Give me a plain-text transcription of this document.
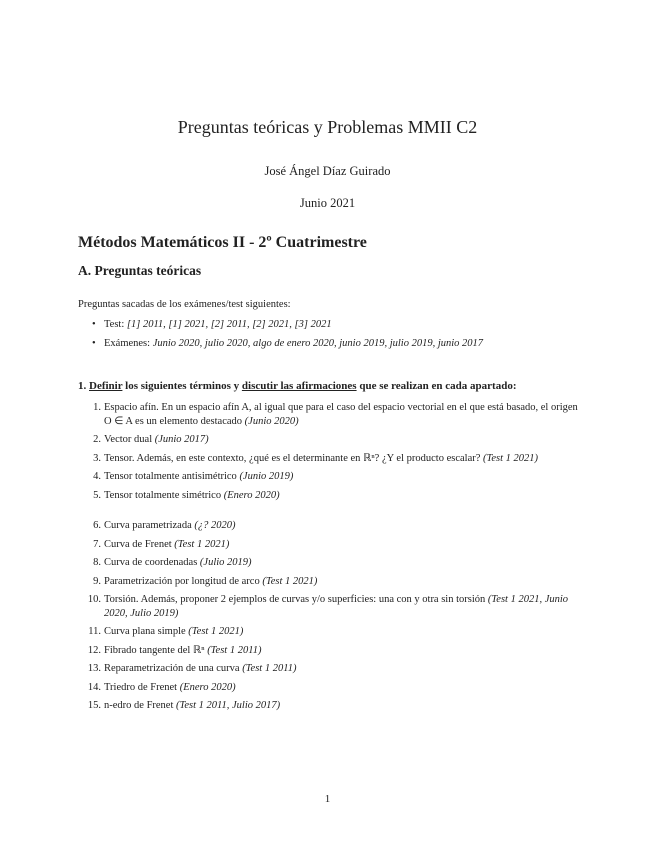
Preguntas teóricas y Problemas MMII C2
José Ángel Díaz Guirado
Junio 2021
Métodos Matemáticos II - 2º Cuatrimestre
A. Preguntas teóricas
Preguntas sacadas de los exámenes/test siguientes:
• Test: [1] 2011, [1] 2021, [2] 2011, [2] 2021, [3] 2021
• Exámenes: Junio 2020, julio 2020, algo de enero 2020, junio 2019, julio 2019, junio 2017
1. Definir los siguientes términos y discutir las afirmaciones que se realizan en cada apartado:
1. Espacio afín. En un espacio afín A, al igual que para el caso del espacio vectorial en el que está basado, el origen O ∈ A es un elemento destacado (Junio 2020)
2. Vector dual (Junio 2017)
3. Tensor. Además, en este contexto, ¿qué es el determinante en ℝⁿ? ¿Y el producto escalar? (Test 1 2021)
4. Tensor totalmente antisimétrico (Junio 2019)
5. Tensor totalmente simétrico (Enero 2020)
6. Curva parametrizada (¿? 2020)
7. Curva de Frenet (Test 1 2021)
8. Curva de coordenadas (Julio 2019)
9. Parametrización por longitud de arco (Test 1 2021)
10. Torsión. Además, proponer 2 ejemplos de curvas y/o superficies: una con y otra sin torsión (Test 1 2021, Junio 2020, Julio 2019)
11. Curva plana simple (Test 1 2021)
12. Fibrado tangente del ℝⁿ (Test 1 2011)
13. Reparametrización de una curva (Test 1 2011)
14. Triedro de Frenet (Enero 2020)
15. n-edro de Frenet (Test 1 2011, Julio 2017)
1
